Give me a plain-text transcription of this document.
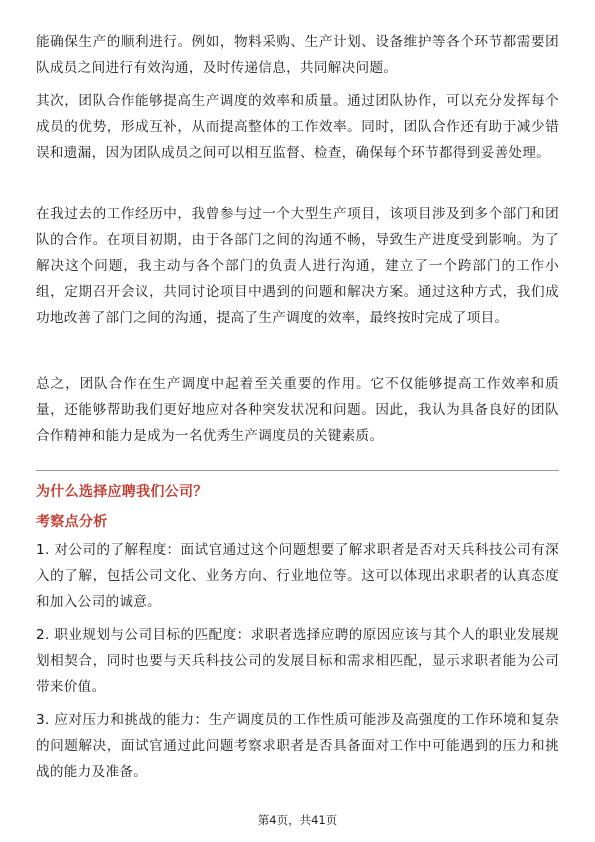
能确保生产的顺利进行。例如，物料采购、生产计划、设备维护等各个环节都需要团队成员之间进行有效沟通，及时传递信息，共同解决问题。

其次，团队合作能够提高生产调度的效率和质量。通过团队协作，可以充分发挥每个成员的优势，形成互补，从而提高整体的工作效率。同时，团队合作还有助于减少错误和遗漏，因为团队成员之间可以相互监督、检查，确保每个环节都得到妥善处理。

在我过去的工作经历中，我曾参与过一个大型生产项目，该项目涉及到多个部门和团队的合作。在项目初期，由于各部门之间的沟通不畅，导致生产进度受到影响。为了解决这个问题，我主动与各个部门的负责人进行沟通，建立了一个跨部门的工作小组，定期召开会议，共同讨论项目中遇到的问题和解决方案。通过这种方式，我们成功地改善了部门之间的沟通，提高了生产调度的效率，最终按时完成了项目。

总之，团队合作在生产调度中起着至关重要的作用。它不仅能够提高工作效率和质量，还能够帮助我们更好地应对各种突发状况和问题。因此，我认为具备良好的团队合作精神和能力是成为一名优秀生产调度员的关键素质。

为什么选择应聘我们公司？
考察点分析

1. 对公司的了解程度：面试官通过这个问题想要了解求职者是否对天兵科技公司有深入的了解，包括公司文化、业务方向、行业地位等。这可以体现出求职者的认真态度和加入公司的诚意。

2. 职业规划与公司目标的匹配度：求职者选择应聘的原因应该与其个人的职业发展规划相契合，同时也要与天兵科技公司的发展目标和需求相匹配，显示求职者能为公司带来价值。

3. 应对压力和挑战的能力：生产调度员的工作性质可能涉及高强度的工作环境和复杂的问题解决，面试官通过此问题考察求职者是否具备面对工作中可能遇到的压力和挑战的能力及准备。

第4页，共41页
